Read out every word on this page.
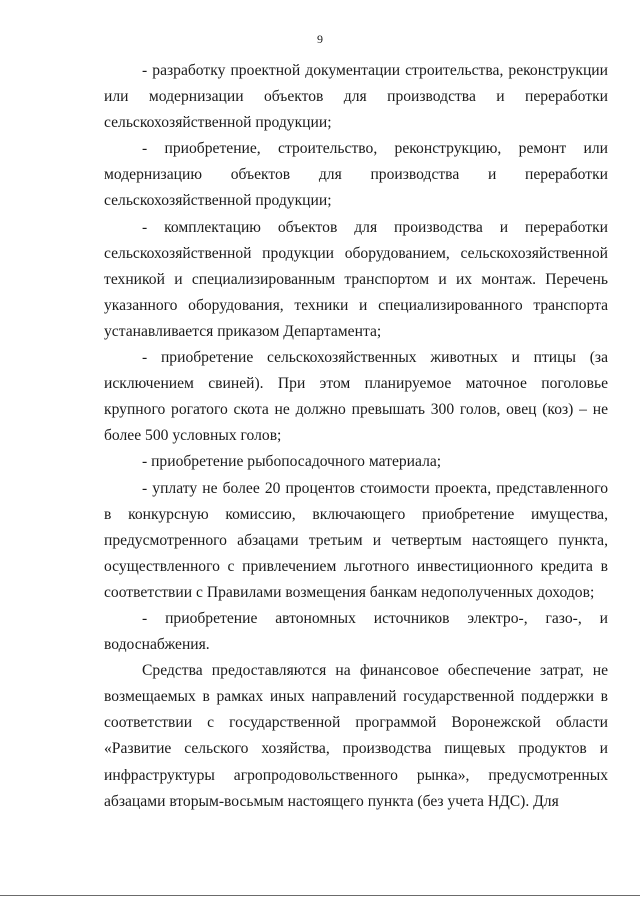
9

- разработку проектной документации строительства, реконструкции или модернизации объектов для производства и переработки сельскохозяйственной продукции;

- приобретение, строительство, реконструкцию, ремонт или модернизацию объектов для производства и переработки сельскохозяйственной продукции;

- комплектацию объектов для производства и переработки сельскохозяйственной продукции оборудованием, сельскохозяйственной техникой и специализированным транспортом и их монтаж. Перечень указанного оборудования, техники и специализированного транспорта устанавливается приказом Департамента;

- приобретение сельскохозяйственных животных и птицы (за исключением свиней). При этом планируемое маточное поголовье крупного рогатого скота не должно превышать 300 голов, овец (коз) – не более 500 условных голов;

- приобретение рыбопосадочного материала;

- уплату не более 20 процентов стоимости проекта, представленного в конкурсную комиссию, включающего приобретение имущества, предусмотренного абзацами третьим и четвертым настоящего пункта, осуществленного с привлечением льготного инвестиционного кредита в соответствии с Правилами возмещения банкам недополученных доходов;

- приобретение автономных источников электро-, газо-, и водоснабжения.

Средства предоставляются на финансовое обеспечение затрат, не возмещаемых в рамках иных направлений государственной поддержки в соответствии с государственной программой Воронежской области «Развитие сельского хозяйства, производства пищевых продуктов и инфраструктуры агропродовольственного рынка», предусмотренных абзацами вторым-восьмым настоящего пункта (без учета НДС). Для
